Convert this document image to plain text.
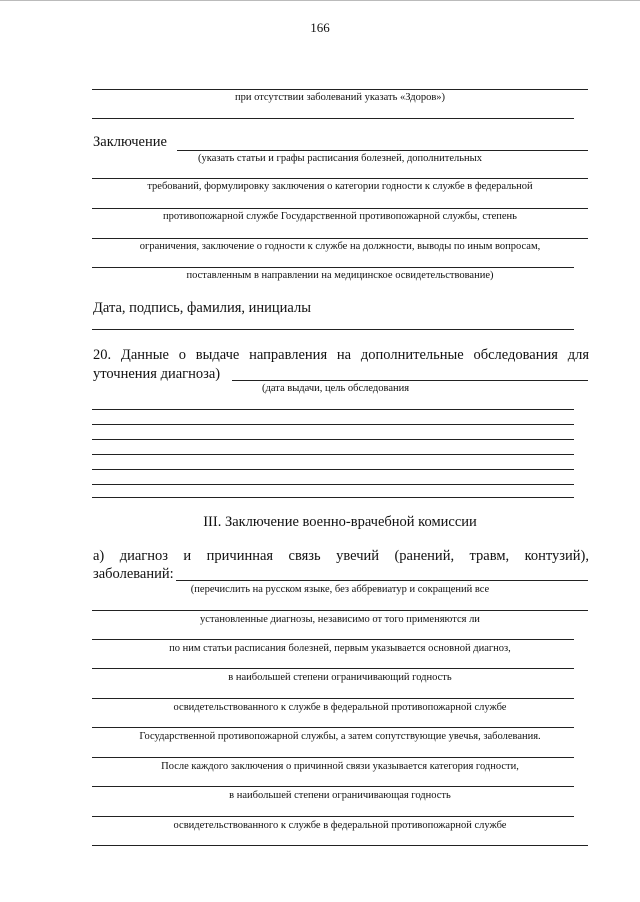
166
при отсутствии заболеваний указать «Здоров»)
Заключение
(указать статьи и графы расписания болезней, дополнительных
требований, формулировку заключения о категории годности к службе в федеральной
противопожарной службе Государственной противопожарной службы, степень
ограничения, заключение о годности к службе на должности, выводы по иным вопросам,
поставленным в направлении на медицинское освидетельствование)
Дата, подпись, фамилия, инициалы
20. Данные о выдаче направления на дополнительные обследования для
уточнения диагноза)
(дата выдачи, цель обследования
III. Заключение военно-врачебной комиссии
а) диагноз и причинная связь увечий (ранений, травм, контузий),
заболеваний:
(перечислить на русском языке, без аббревиатур и сокращений все
установленные диагнозы, независимо от того применяются ли
по ним статьи расписания болезней, первым указывается основной диагноз,
в наибольшей степени ограничивающий годность
освидетельствованного к службе в федеральной противопожарной службе
Государственной противопожарной службы, а затем сопутствующие увечья, заболевания.
После каждого заключения о причинной связи указывается категория годности,
в наибольшей степени ограничивающая годность
освидетельствованного к службе в федеральной противопожарной службе
